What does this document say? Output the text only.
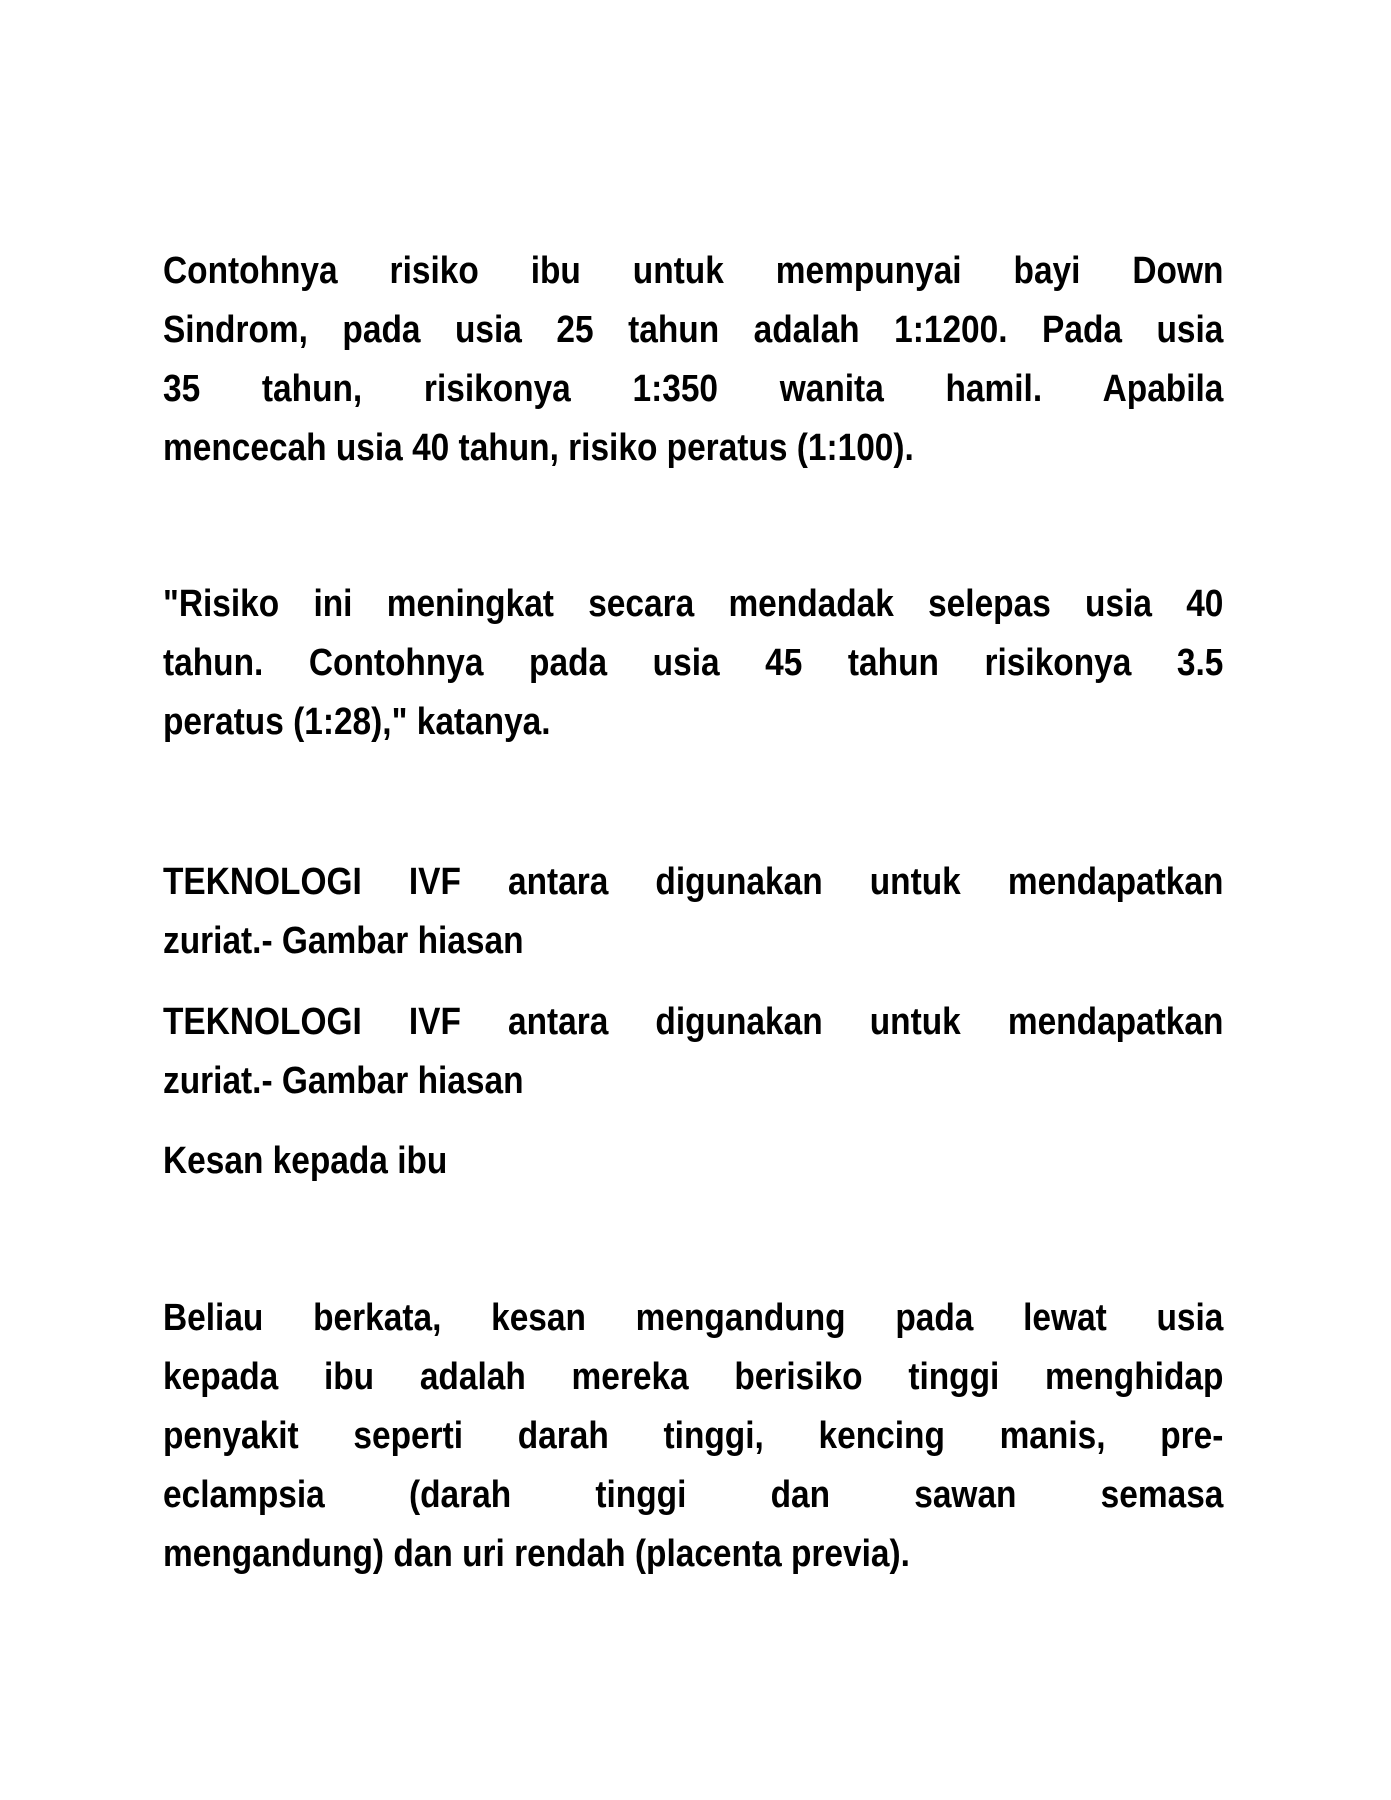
Contohnya risiko ibu untuk mempunyai bayi Down
Sindrom, pada usia 25 tahun adalah 1:1200. Pada usia
35 tahun, risikonya 1:350 wanita hamil. Apabila
mencecah usia 40 tahun, risiko peratus (1:100).
"Risiko ini meningkat secara mendadak selepas usia 40
tahun. Contohnya pada usia 45 tahun risikonya 3.5
peratus (1:28)," katanya.
TEKNOLOGI IVF antara digunakan untuk mendapatkan
zuriat.- Gambar hiasan
TEKNOLOGI IVF antara digunakan untuk mendapatkan
zuriat.- Gambar hiasan
Kesan kepada ibu
Beliau berkata, kesan mengandung pada lewat usia
kepada ibu adalah mereka berisiko tinggi menghidap
penyakit seperti darah tinggi, kencing manis, pre-
eclampsia (darah tinggi dan sawan semasa
mengandung) dan uri rendah (placenta previa).
